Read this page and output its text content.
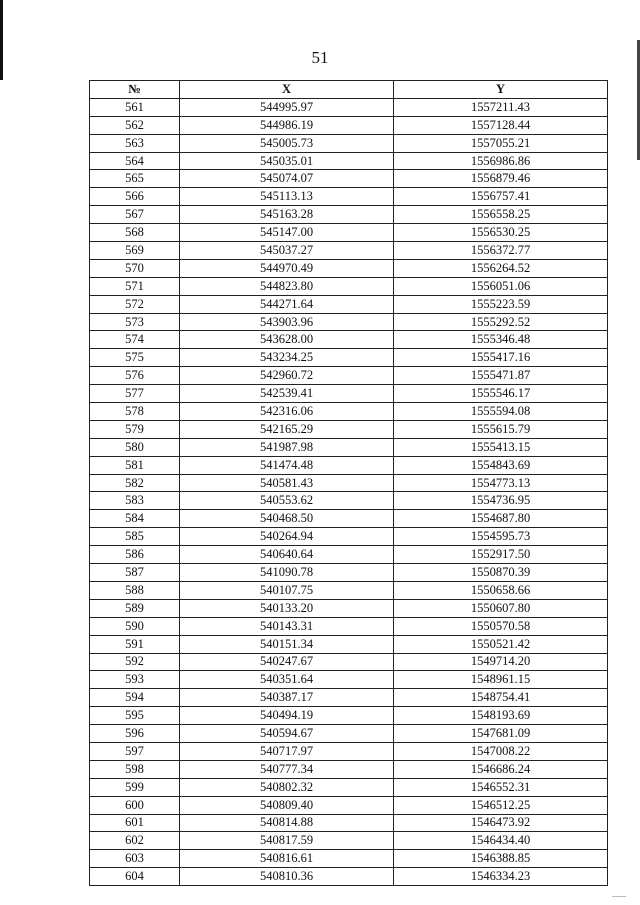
51
№	X	Y
561	544995.97	1557211.43
562	544986.19	1557128.44
563	545005.73	1557055.21
564	545035.01	1556986.86
565	545074.07	1556879.46
566	545113.13	1556757.41
567	545163.28	1556558.25
568	545147.00	1556530.25
569	545037.27	1556372.77
570	544970.49	1556264.52
571	544823.80	1556051.06
572	544271.64	1555223.59
573	543903.96	1555292.52
574	543628.00	1555346.48
575	543234.25	1555417.16
576	542960.72	1555471.87
577	542539.41	1555546.17
578	542316.06	1555594.08
579	542165.29	1555615.79
580	541987.98	1555413.15
581	541474.48	1554843.69
582	540581.43	1554773.13
583	540553.62	1554736.95
584	540468.50	1554687.80
585	540264.94	1554595.73
586	540640.64	1552917.50
587	541090.78	1550870.39
588	540107.75	1550658.66
589	540133.20	1550607.80
590	540143.31	1550570.58
591	540151.34	1550521.42
592	540247.67	1549714.20
593	540351.64	1548961.15
594	540387.17	1548754.41
595	540494.19	1548193.69
596	540594.67	1547681.09
597	540717.97	1547008.22
598	540777.34	1546686.24
599	540802.32	1546552.31
600	540809.40	1546512.25
601	540814.88	1546473.92
602	540817.59	1546434.40
603	540816.61	1546388.85
604	540810.36	1546334.23
